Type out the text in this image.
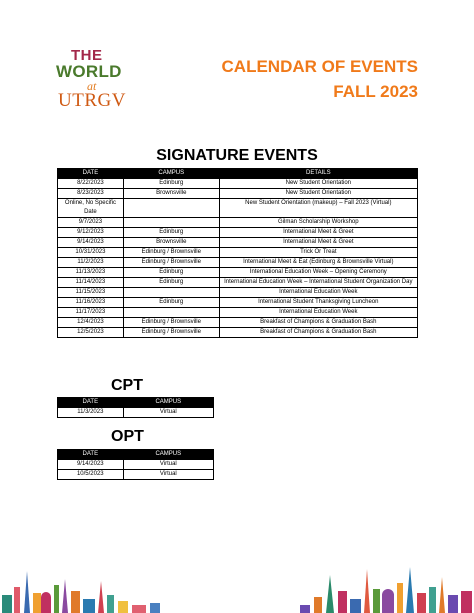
THE
WORLD
at
UTRGV
CALENDAR OF EVENTS
FALL 2023
SIGNATURE EVENTS
DATE	CAMPUS	DETAILS
8/22/2023	Edinburg	New Student Orientation
8/23/2023	Brownsville	New Student Orientation
Online, No Specific Date		New Student Orientation (makeup) – Fall 2023 (Virtual)
9/7/2023		Gilman Scholarship Workshop
9/12/2023	Edinburg	International Meet & Greet
9/14/2023	Brownsville	International Meet & Greet
10/31/2023	Edinburg / Brownsville	Trick Or Treat
11/2/2023	Edinburg / Brownsville	International Meet & Eat (Edinburg & Brownsville Virtual)
11/13/2023	Edinburg	International Education Week – Opening Ceremony
11/14/2023	Edinburg	International Education Week – International Student Organization Day
11/15/2023		International Education Week
11/16/2023	Edinburg	International Student Thanksgiving Luncheon
11/17/2023		International Education Week
12/4/2023	Edinburg / Brownsville	Breakfast of Champions & Graduation Bash
12/5/2023	Edinburg / Brownsville	Breakfast of Champions & Graduation Bash
CPT
DATE	CAMPUS
11/3/2023	Virtual
OPT
DATE	CAMPUS
9/14/2023	Virtual
10/5/2023	Virtual
